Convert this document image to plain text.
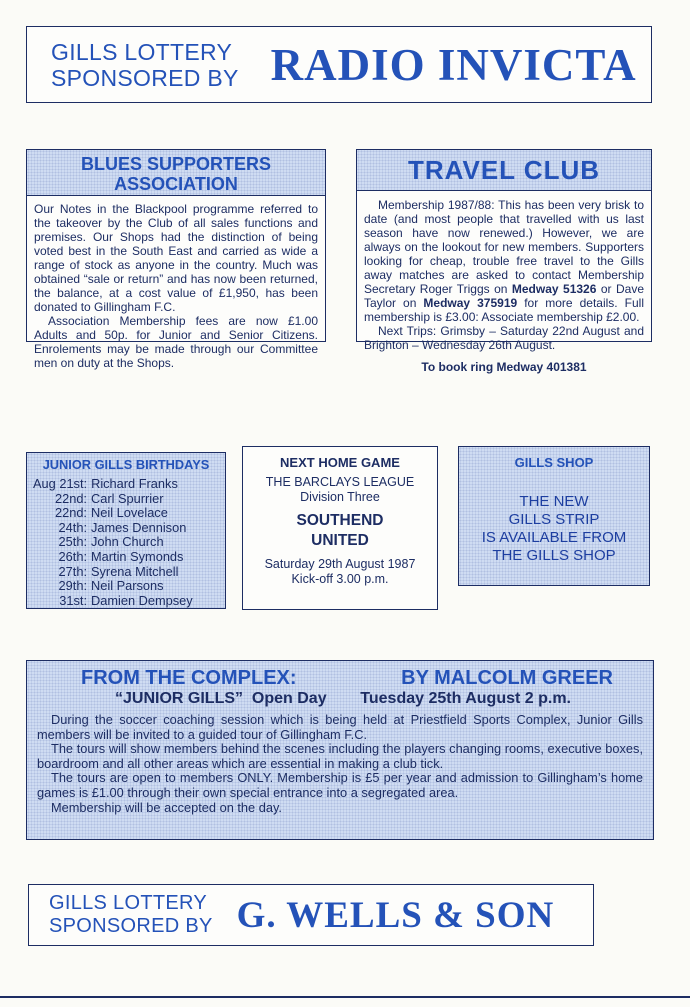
GILLS LOTTERY
SPONSORED BY RADIO INVICTA
BLUES SUPPORTERS
ASSOCIATION

Our Notes in the Blackpool programme referred to the takeover by the Club of all sales functions and premises. Our Shops had the distinction of being voted best in the South East and carried as wide a range of stock as anyone in the country. Much was obtained “sale or return” and has now been returned, the balance, at a cost value of £1,950, has been donated to Gillingham F.C.

Association Membership fees are now £1.00 Adults and 50p. for Junior and Senior Citizens. Enrolements may be made through our Committee men on duty at the Shops.

TRAVEL CLUB

Membership 1987/88: This has been very brisk to date (and most people that travelled with us last season have now renewed.) However, we are always on the lookout for new members. Supporters looking for cheap, trouble free travel to the Gills away matches are asked to contact Membership Secretary Roger Triggs on Medway 51326 or Dave Taylor on Medway 375919 for more details. Full membership is £3.00: Associate membership £2.00.

Next Trips: Grimsby – Saturday 22nd August and Brighton – Wednesday 26th August.

To book ring Medway 401381

JUNIOR GILLS BIRTHDAYS
Aug 21st: Richard Franks
22nd: Carl Spurrier
22nd: Neil Lovelace
24th: James Dennison
25th: John Church
26th: Martin Symonds
27th: Syrena Mitchell
29th: Neil Parsons
31st: Damien Dempsey
NEXT HOME GAME
THE BARCLAYS LEAGUE
Division Three
SOUTHEND
UNITED
Saturday 29th August 1987
Kick-off 3.00 p.m.
GILLS SHOP
THE NEW
GILLS STRIP
IS AVAILABLE FROM
THE GILLS SHOP
FROM THE COMPLEX:	BY MALCOLM GREER
“JUNIOR GILLS”  Open Day Tuesday 25th August 2 p.m.

During the soccer coaching session which is being held at Priestfield Sports Complex, Junior Gills members will be invited to a guided tour of Gillingham F.C.

The tours will show members behind the scenes including the players changing rooms, executive boxes, boardroom and all other areas which are essential in making a club tick.

The tours are open to members ONLY. Membership is £5 per year and admission to Gillingham’s home games is £1.00 through their own special entrance into a segregated area.

Membership will be accepted on the day.

GILLS LOTTERY
SPONSORED BY G. WELLS & SON
